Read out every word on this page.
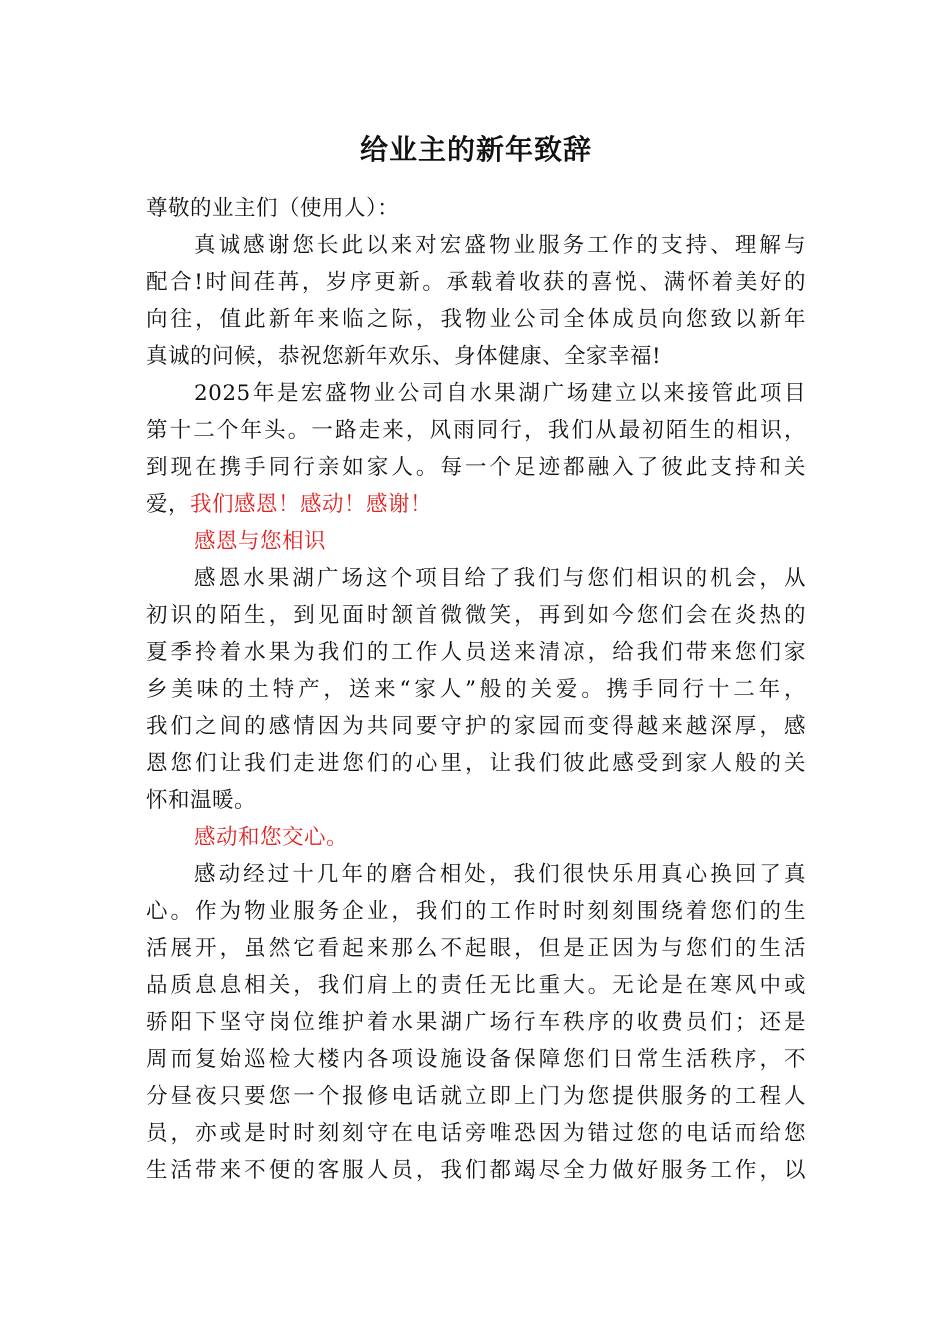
给业主的新年致辞

尊敬的业主们（使用人）：

真诚感谢您长此以来对宏盛物业服务工作的支持、理解与

配合!时间荏苒，岁序更新。承载着收获的喜悦、满怀着美好的

向往，值此新年来临之际，我物业公司全体成员向您致以新年

真诚的问候，恭祝您新年欢乐、身体健康、全家幸福!

2025年是宏盛物业公司自水果湖广场建立以来接管此项目

第十二个年头。一路走来，风雨同行，我们从最初陌生的相识，

到现在携手同行亲如家人。每一个足迹都融入了彼此支持和关

爱，我们感恩！感动！感谢！

感恩与您相识

感恩水果湖广场这个项目给了我们与您们相识的机会，从

初识的陌生，到见面时颔首微微笑，再到如今您们会在炎热的

夏季拎着水果为我们的工作人员送来清凉，给我们带来您们家

乡美味的土特产，送来“家人”般的关爱。携手同行十二年，

我们之间的感情因为共同要守护的家园而变得越来越深厚，感

恩您们让我们走进您们的心里，让我们彼此感受到家人般的关

怀和温暖。

感动和您交心。

感动经过十几年的磨合相处，我们很快乐用真心换回了真

心。作为物业服务企业，我们的工作时时刻刻围绕着您们的生

活展开，虽然它看起来那么不起眼，但是正因为与您们的生活

品质息息相关，我们肩上的责任无比重大。无论是在寒风中或

骄阳下坚守岗位维护着水果湖广场行车秩序的收费员们；还是

周而复始巡检大楼内各项设施设备保障您们日常生活秩序，不

分昼夜只要您一个报修电话就立即上门为您提供服务的工程人

员，亦或是时时刻刻守在电话旁唯恐因为错过您的电话而给您

生活带来不便的客服人员，我们都竭尽全力做好服务工作，以
